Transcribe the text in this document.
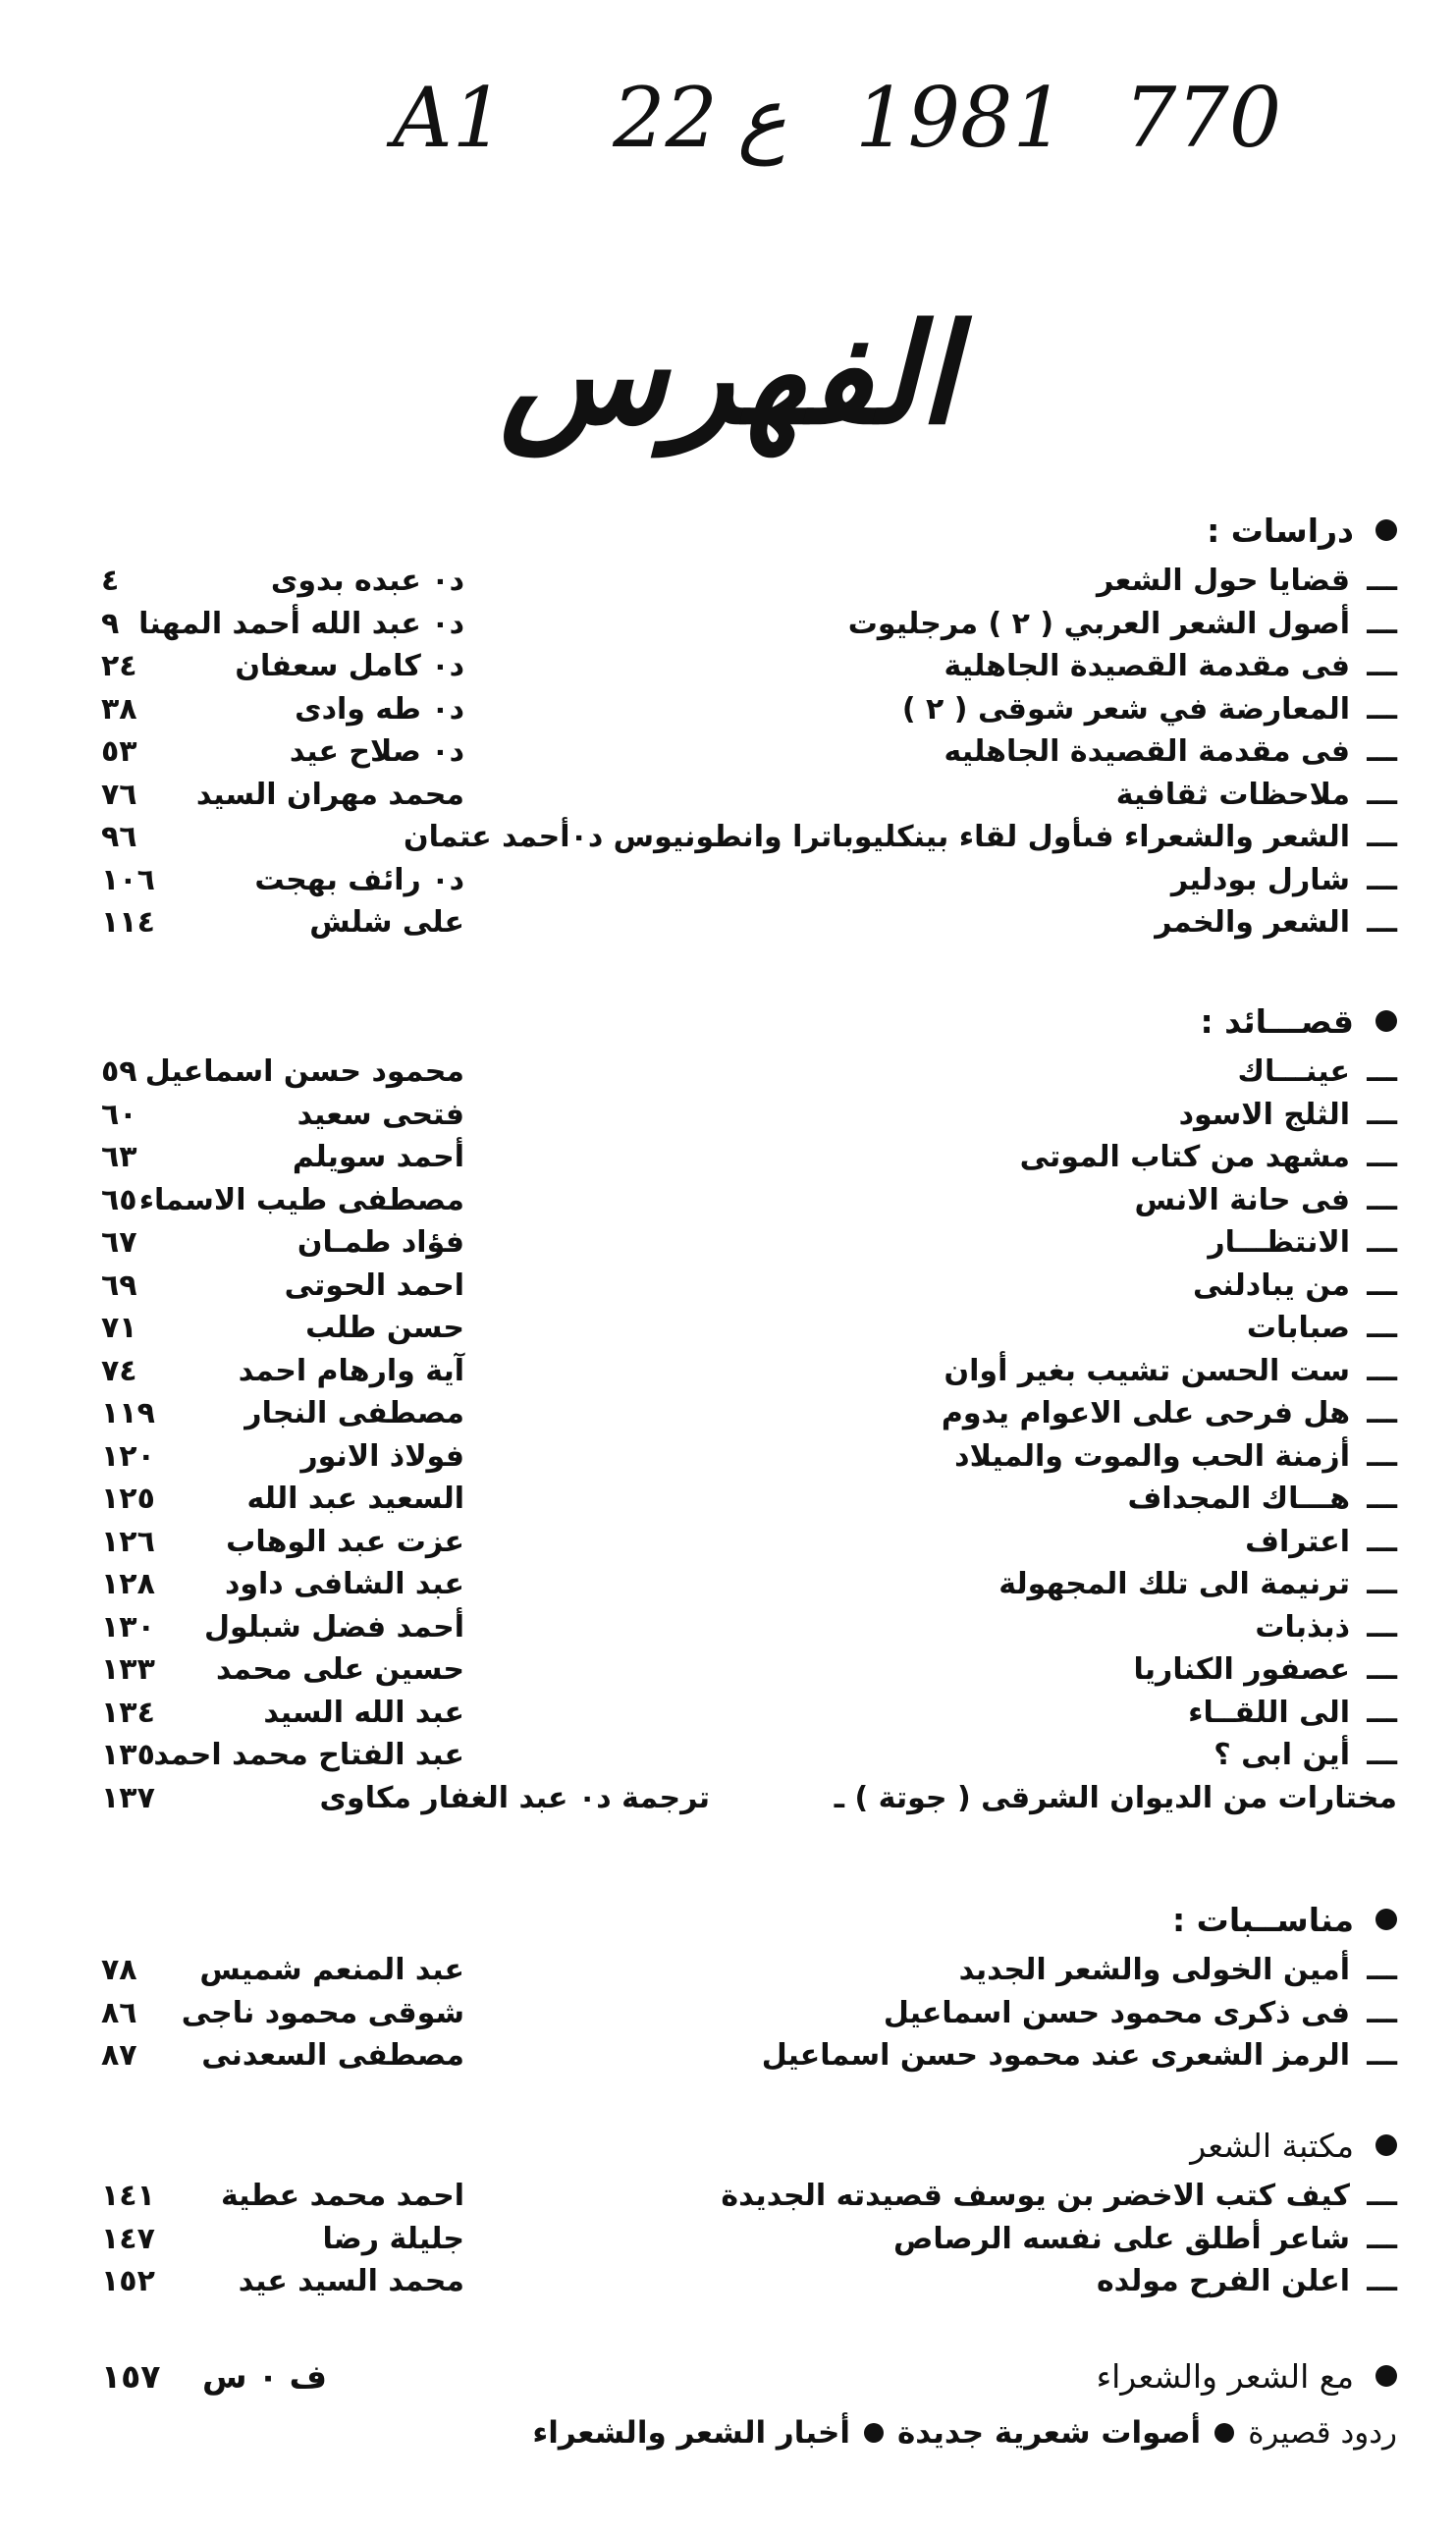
A1 22 ع 1981 770
الفهرس
دراسات :
ـــ
قضايا حول الشعر
د٠ عبده بدوى
٤
ـــ
أصول الشعر العربي ( ٢ ) مرجليوت
د٠ عبد الله أحمد المهنا
٩
ـــ
فى مقدمة القصيدة الجاهلية
د٠ كامل سعفان
٢٤
ـــ
المعارضة في شعر شوقى ( ٢ )
د٠ طه وادى
٣٨
ـــ
فى مقدمة القصيدة الجاهليه
د٠ صلاح عيد
٥٣
ـــ
ملاحظات ثقافية
محمد مهران السيد
٧٦
ـــ
الشعر والشعراء فىأول لقاء بينكليوباترا وانطونيوس د٠أحمد عتمان
٩٦
ـــ
شارل بودلير
د٠ رائف بهجت
١٠٦
ـــ
الشعر والخمر
على شلش
١١٤
قصـــائد :
ـــ
عينـــاك
محمود حسن اسماعيل
٥٩
ـــ
الثلج الاسود
فتحى سعيد
٦٠
ـــ
مشهد من كتاب الموتى
أحمد سويلم
٦٣
ـــ
فى حانة الانس
مصطفى طيب الاسماء
٦٥
ـــ
الانتظـــار
فؤاد طمـان
٦٧
ـــ
من يبادلنى
احمد الحوتى
٦٩
ـــ
صبابات
حسن طلب
٧١
ـــ
ست الحسن تشيب بغير أوان
آية وارهام احمد
٧٤
ـــ
هل فرحى على الاعوام يدوم
مصطفى النجار
١١٩
ـــ
أزمنة الحب والموت والميلاد
فولاذ الانور
١٢٠
ـــ
هـــاك المجداف
السعيد عبد الله
١٢٥
ـــ
اعتراف
عزت عبد الوهاب
١٢٦
ـــ
ترنيمة الى تلك المجهولة
عبد الشافى داود
١٢٨
ـــ
ذبذبات
أحمد فضل شبلول
١٣٠
ـــ
عصفور الكناريا
حسين على محمد
١٣٣
ـــ
الى اللقــاء
عبد الله السيد
١٣٤
ـــ
أين ابى ؟
عبد الفتاح محمد احمد
١٣٥
مختارات من الديوان الشرقى ( جوتة ) ـ
ترجمة د٠ عبد الغفار مكاوى
١٣٧
مناســبات :
ـــ
أمين الخولى والشعر الجديد
عبد المنعم شميس
٧٨
ـــ
فى ذكرى محمود حسن اسماعيل
شوقى محمود ناجى
٨٦
ـــ
الرمز الشعرى عند محمود حسن اسماعيل
مصطفى السعدنى
٨٧
مكتبة الشعر
ـــ
كيف كتب الاخضر بن يوسف قصيدته الجديدة
احمد محمد عطية
١٤١
ـــ
شاعر أطلق على نفسه الرصاص
جليلة رضا
١٤٧
ـــ
اعلن الفرح مولده
محمد السيد عيد
١٥٢
مع الشعر والشعراء
ف ٠ س
١٥٧
ردود قصيرة
أصوات شعرية جديدة
أخبار الشعر والشعراء
